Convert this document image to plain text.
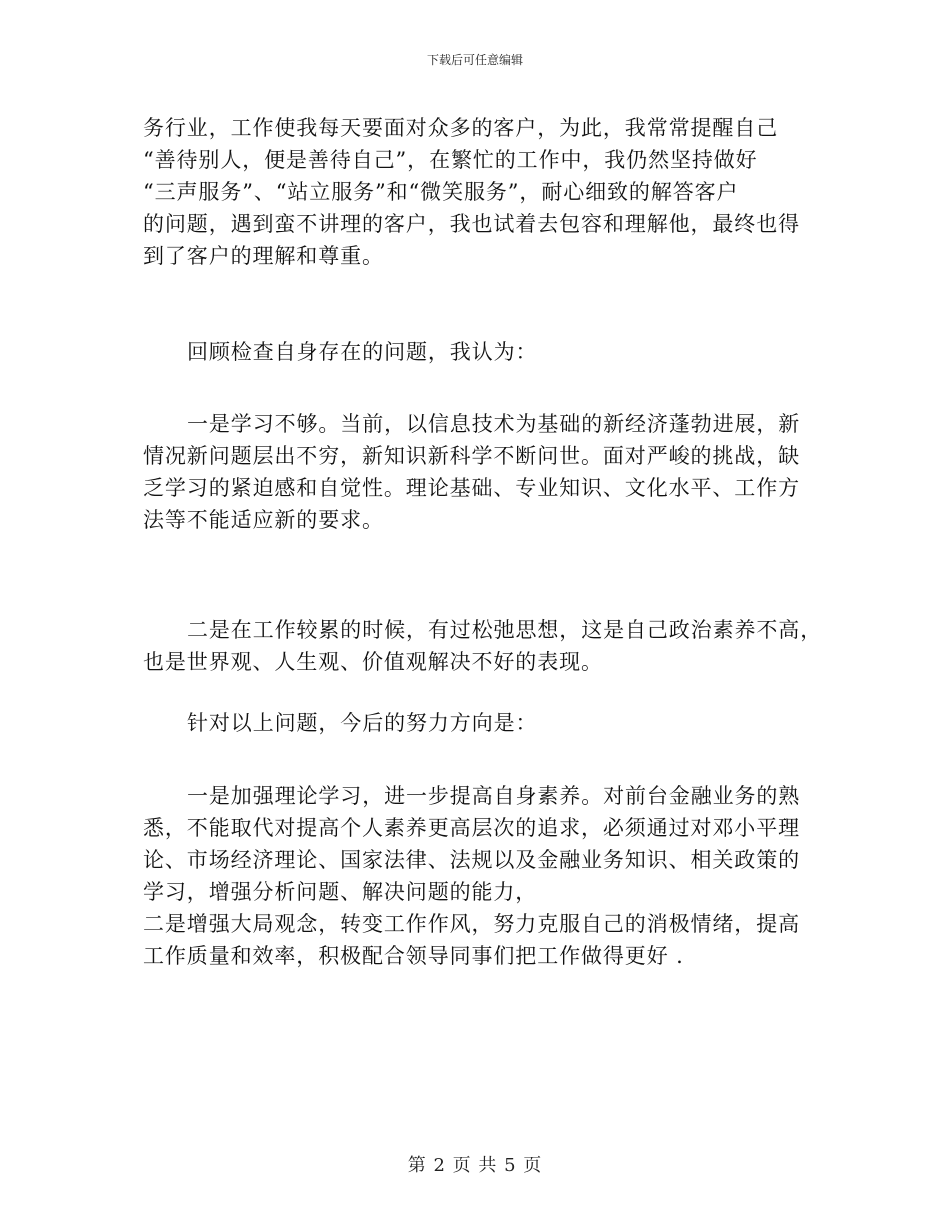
下载后可任意编辑
务行业，工作使我每天要面对众多的客户，为此，我常常提醒自己
“善待别人，便是善待自己”，在繁忙的工作中，我仍然坚持做好
“三声服务”、“站立服务”和“微笑服务”，耐心细致的解答客户
的问题，遇到蛮不讲理的客户，我也试着去包容和理解他，最终也得
到了客户的理解和尊重。
回顾检查自身存在的问题，我认为：
一是学习不够。当前，以信息技术为基础的新经济蓬勃进展，新
情况新问题层出不穷，新知识新科学不断问世。面对严峻的挑战，缺
乏学习的紧迫感和自觉性。理论基础、专业知识、文化水平、工作方
法等不能适应新的要求。
二是在工作较累的时候，有过松弛思想，这是自己政治素养不高，
也是世界观、人生观、价值观解决不好的表现。
针对以上问题，今后的努力方向是：
一是加强理论学习，进一步提高自身素养。对前台金融业务的熟
悉，不能取代对提高个人素养更高层次的追求，必须通过对邓小平理
论、市场经济理论、国家法律、法规以及金融业务知识、相关政策的
学习，增强分析问题、解决问题的能力，
二是增强大局观念，转变工作作风，努力克服自己的消极情绪，提高
工作质量和效率，积极配合领导同事们把工作做得更好 .
第 2 页 共 5 页
